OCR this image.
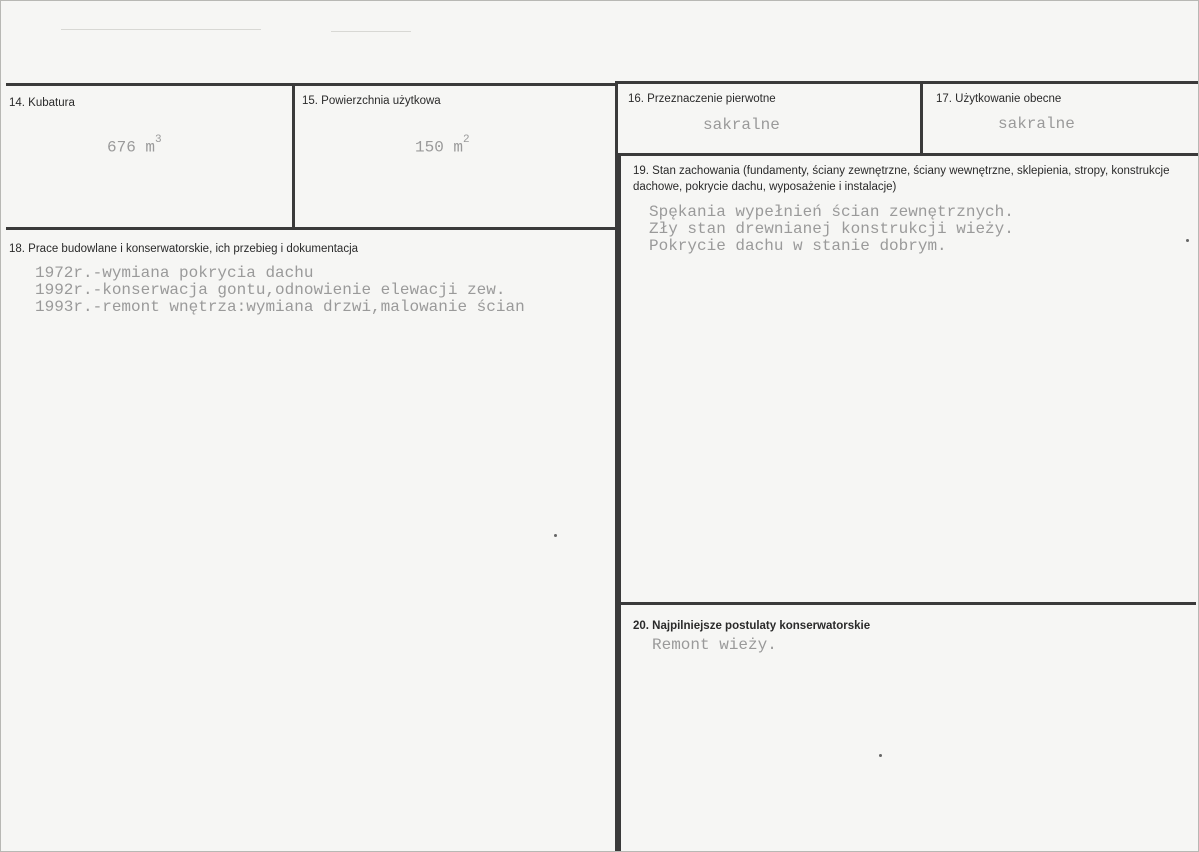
14. Kubatura
676 $m^3$
15. Powierzchnia użytkowa
150 $m^2$
16. Przeznaczenie pierwotne
sakralne
17. Użytkowanie obecne
sakralne
18. Prace budowlane i konserwatorskie, ich przebieg i dokumentacja
1972r.-wymiana pokrycia dachu
1992r.-konserwacja gontu,odnowienie elewacji zew.
1993r.-remont wnętrza:wymiana drzwi,malowanie ścian
19. Stan zachowania (fundamenty, ściany zewnętrzne, ściany wewnętrzne, sklepienia, stropy, konstrukcje dachowe, pokrycie dachu, wyposażenie i instalacje)
Spękania wypełnień ścian zewnętrznych.
Zły stan drewnianej konstrukcji wieży.
Pokrycie dachu w stanie dobrym.
20. Najpilniejsze postulaty konserwatorskie
Remont wieży.
